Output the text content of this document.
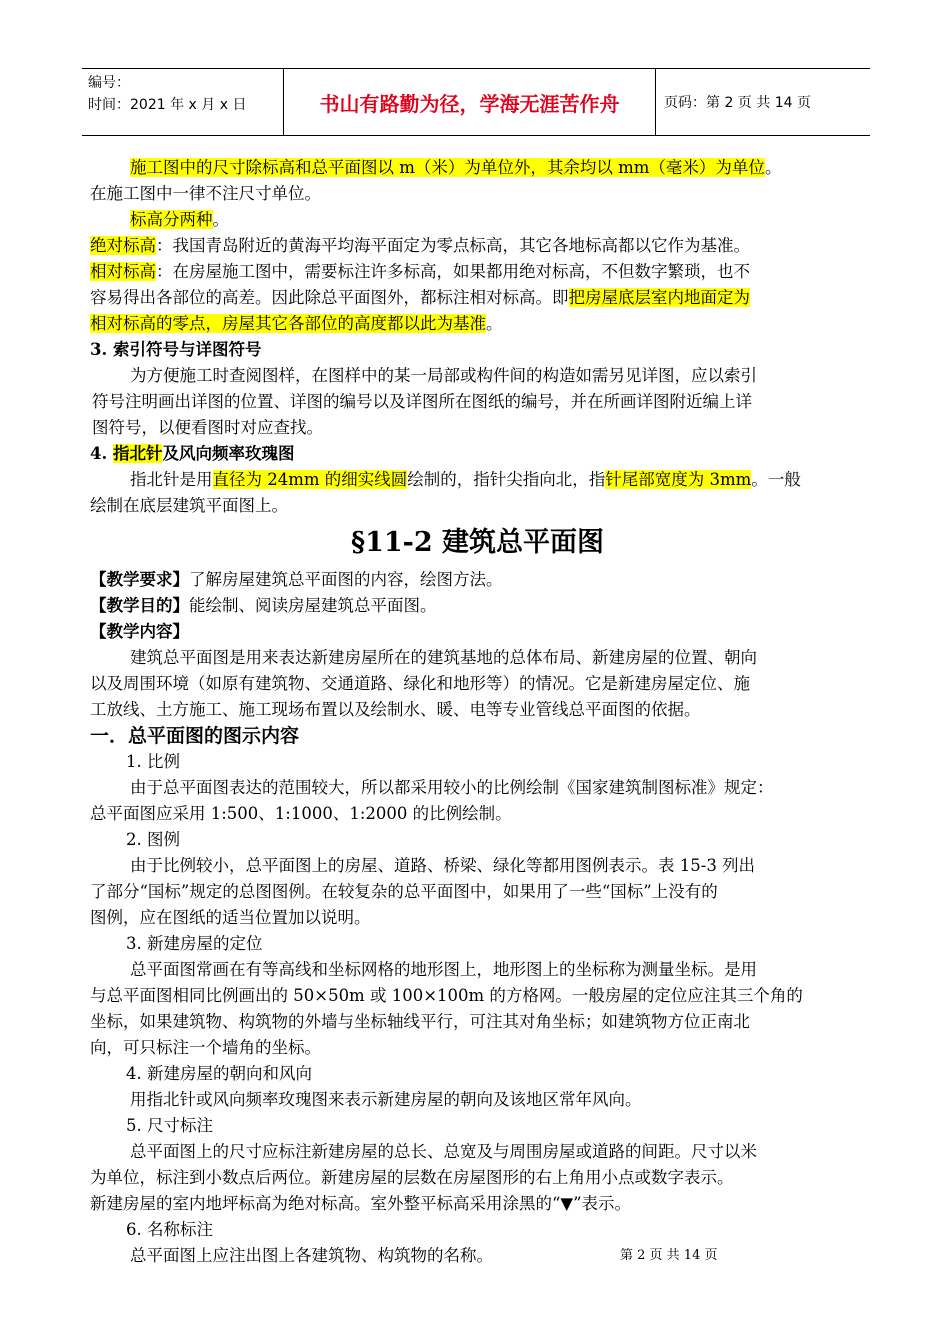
编号：
时间：2021 年 x 月 x 日	书山有路勤为径，学海无涯苦作舟	页码：第 2 页 共 14 页
施工图中的尺寸除标高和总平面图以 m（米）为单位外，其余均以 mm（毫米）为单位。
在施工图中一律不注尺寸单位。
标高分两种。
绝对标高：我国青岛附近的黄海平均海平面定为零点标高，其它各地标高都以它作为基准。
相对标高：在房屋施工图中，需要标注许多标高，如果都用绝对标高，不但数字繁琐，也不
容易得出各部位的高差。因此除总平面图外，都标注相对标高。即把房屋底层室内地面定为
相对标高的零点，房屋其它各部位的高度都以此为基准。
3. 索引符号与详图符号
为方便施工时查阅图样，在图样中的某一局部或构件间的构造如需另见详图，应以索引
符号注明画出详图的位置、详图的编号以及详图所在图纸的编号，并在所画详图附近编上详
图符号，以便看图时对应查找。
4. 指北针及风向频率玫瑰图
指北针是用直径为 24mm 的细实线圆绘制的，指针尖指向北，指针尾部宽度为 3mm。一般
绘制在底层建筑平面图上。
§11-2 建筑总平面图
【教学要求】了解房屋建筑总平面图的内容，绘图方法。
【教学目的】能绘制、阅读房屋建筑总平面图。
【教学内容】
建筑总平面图是用来表达新建房屋所在的建筑基地的总体布局、新建房屋的位置、朝向
以及周围环境（如原有建筑物、交通道路、绿化和地形等）的情况。它是新建房屋定位、施
工放线、土方施工、施工现场布置以及绘制水、暖、电等专业管线总平面图的依据。
一．总平面图的图示内容
1. 比例
由于总平面图表达的范围较大，所以都采用较小的比例绘制《国家建筑制图标准》规定：
总平面图应采用 1:500、1:1000、1:2000 的比例绘制。
2. 图例
由于比例较小，总平面图上的房屋、道路、桥梁、绿化等都用图例表示。表 15-3 列出
了部分“国标”规定的总图图例。在较复杂的总平面图中，如果用了一些“国标”上没有的
图例，应在图纸的适当位置加以说明。
3. 新建房屋的定位
总平面图常画在有等高线和坐标网格的地形图上，地形图上的坐标称为测量坐标。是用
与总平面图相同比例画出的 50×50m 或 100×100m 的方格网。一般房屋的定位应注其三个角的
坐标，如果建筑物、构筑物的外墙与坐标轴线平行，可注其对角坐标；如建筑物方位正南北
向，可只标注一个墙角的坐标。
4. 新建房屋的朝向和风向
用指北针或风向频率玫瑰图来表示新建房屋的朝向及该地区常年风向。
5. 尺寸标注
总平面图上的尺寸应标注新建房屋的总长、总宽及与周围房屋或道路的间距。尺寸以米
为单位，标注到小数点后两位。新建房屋的层数在房屋图形的右上角用小点或数字表示。
新建房屋的室内地坪标高为绝对标高。室外整平标高采用涂黑的“▼”表示。
6. 名称标注
总平面图上应注出图上各建筑物、构筑物的名称。	第 2 页 共 14 页
